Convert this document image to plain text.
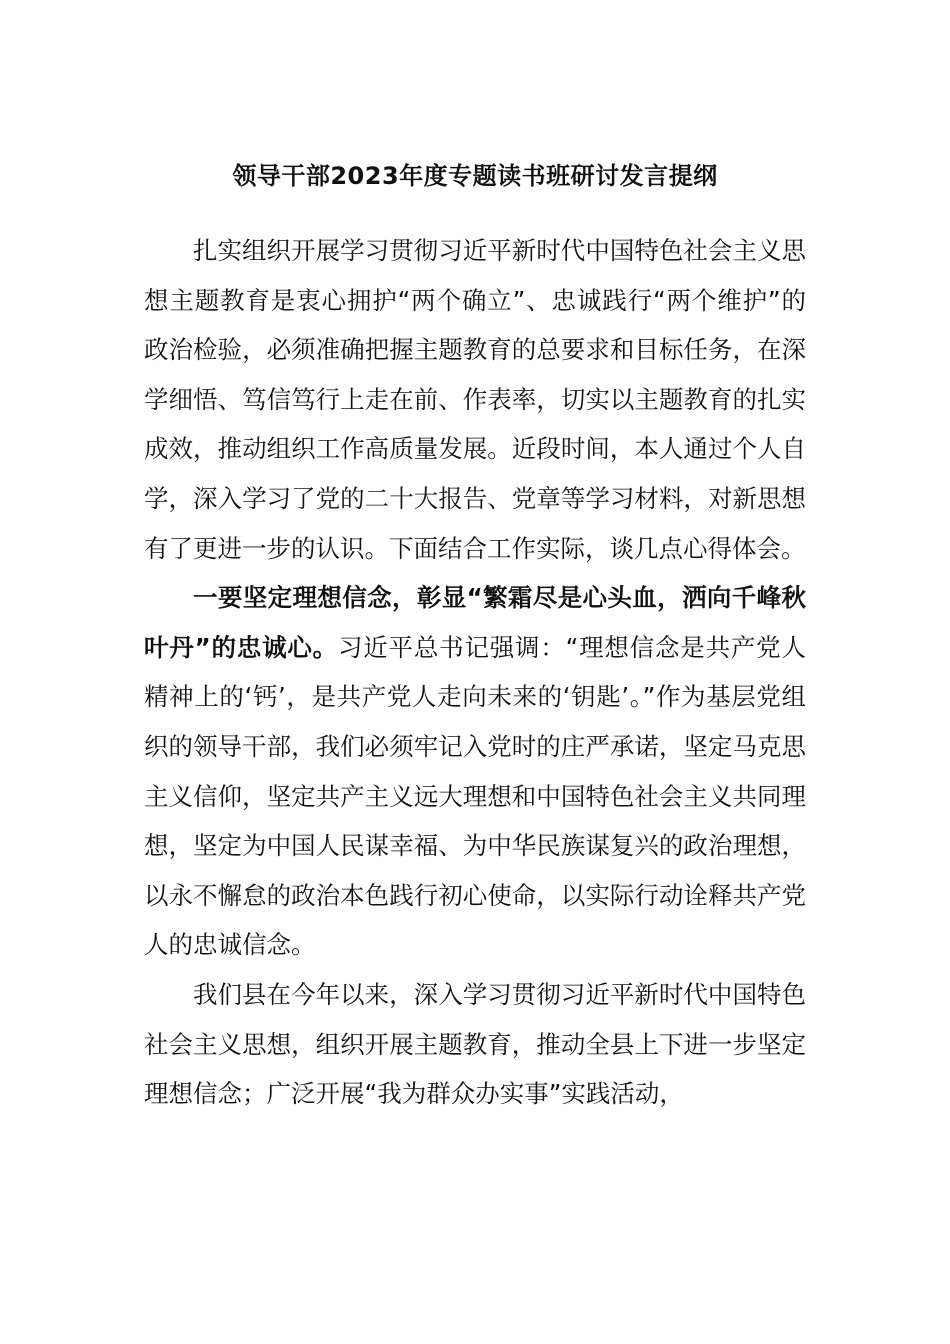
领导干部2023年度专题读书班研讨发言提纲

扎实组织开展学习贯彻习近平新时代中国特色社会主义思想主题教育是衷心拥护“两个确立”、忠诚践行“两个维护”的政治检验，必须准确把握主题教育的总要求和目标任务，在深学细悟、笃信笃行上走在前、作表率，切实以主题教育的扎实成效，推动组织工作高质量发展。近段时间，本人通过个人自学，深入学习了党的二十大报告、党章等学习材料，对新思想有了更进一步的认识。下面结合工作实际，谈几点心得体会。

一要坚定理想信念，彰显“繁霜尽是心头血，洒向千峰秋叶丹”的忠诚心。习近平总书记强调：“理想信念是共产党人精神上的‘钙’，是共产党人走向未来的‘钥匙’。”作为基层党组织的领导干部，我们必须牢记入党时的庄严承诺，坚定马克思主义信仰，坚定共产主义远大理想和中国特色社会主义共同理想，坚定为中国人民谋幸福、为中华民族谋复兴的政治理想，以永不懈怠的政治本色践行初心使命，以实际行动诠释共产党人的忠诚信念。

我们县在今年以来，深入学习贯彻习近平新时代中国特色社会主义思想，组织开展主题教育，推动全县上下进一步坚定理想信念；广泛开展“我为群众办实事”实践活动，
